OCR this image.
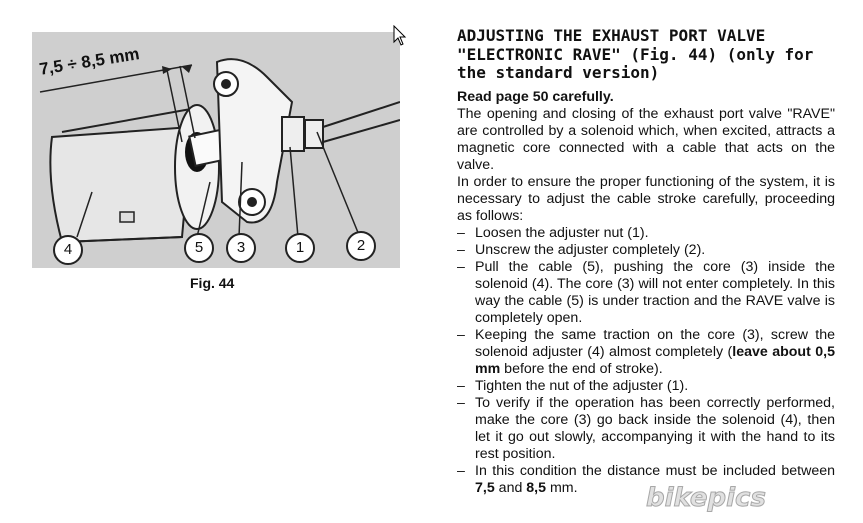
7,5 ÷ 8,5 mm
4	5	3	1	2
Fig. 44
ADJUSTING THE EXHAUST PORT VALVE
"ELECTRONIC RAVE" (Fig. 44) (only for
the standard version)

Read page 50 carefully.

The opening and closing of the exhaust port valve "RAVE" are controlled by a solenoid which, when excited, attracts a magnetic core connected with a cable that acts on the valve.

In order to ensure the proper functioning of the system, it is necessary to adjust the cable stroke carefully, proceeding as follows:

– Loosen the adjuster nut (1).
– Unscrew the adjuster completely (2).
– Pull the cable (5), pushing the core (3) inside the solenoid (4). The core (3) will not enter completely. In this way the cable (5) is under traction and the RAVE valve is completely open.
– Keeping the same traction on the core (3), screw the solenoid adjuster (4) almost completely (leave about 0,5 mm before the end of stroke).
– Tighten the nut of the adjuster (1).
– To verify if the operation has been correctly performed, make the core (3) go back inside the solenoid (4), then let it go out slowly, accompanying it with the hand to its rest position.
– In this condition the distance must be included between 7,5 and 8,5 mm.	bikepics
